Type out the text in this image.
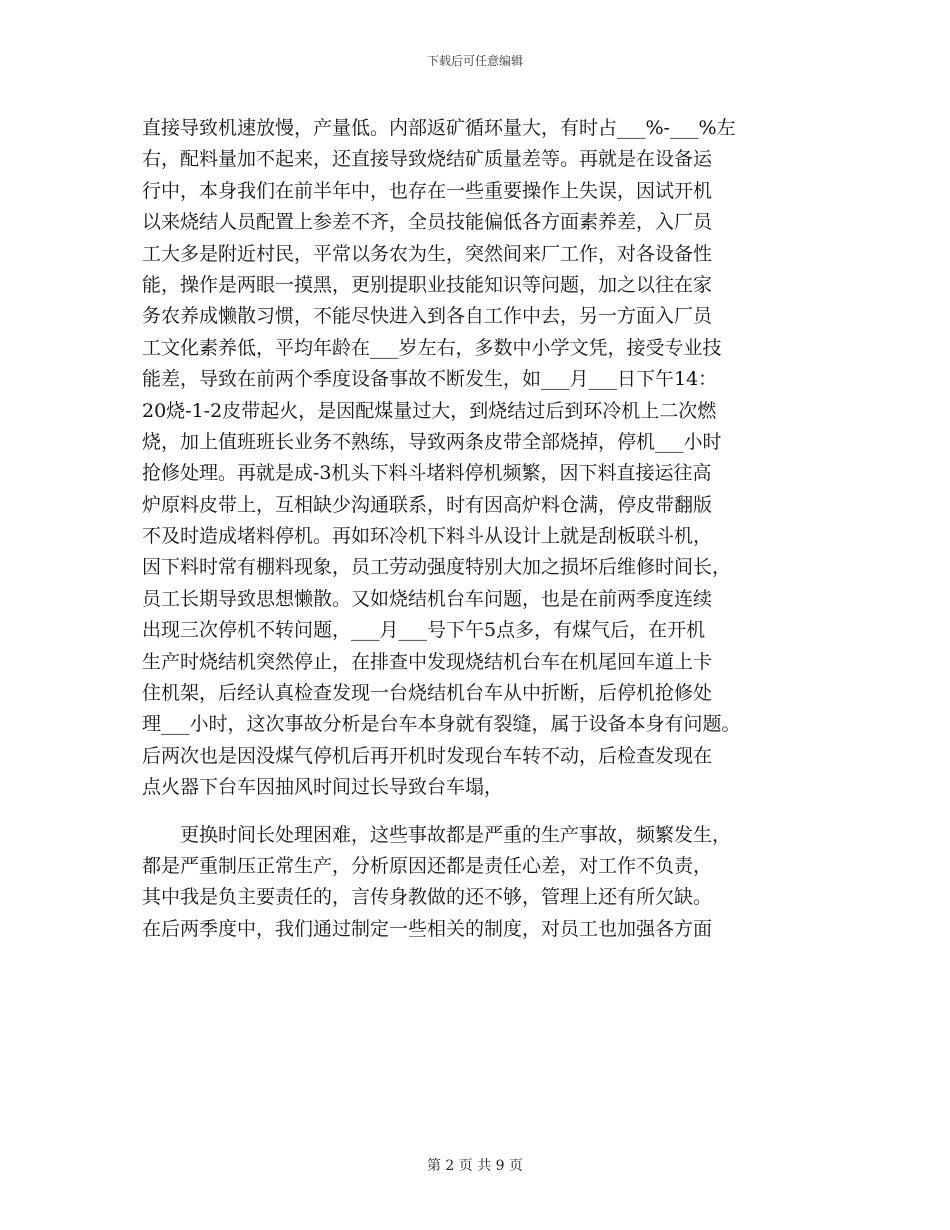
下载后可任意编辑
直接导致机速放慢，产量低。内部返矿循环量大，有时占___%-___%左
右，配料量加不起来，还直接导致烧结矿质量差等。再就是在设备运
行中，本身我们在前半年中，也存在一些重要操作上失误，因试开机
以来烧结人员配置上参差不齐，全员技能偏低各方面素养差，入厂员
工大多是附近村民，平常以务农为生，突然间来厂工作，对各设备性
能，操作是两眼一摸黑，更别提职业技能知识等问题，加之以往在家
务农养成懒散习惯，不能尽快进入到各自工作中去，另一方面入厂员
工文化素养低，平均年龄在___岁左右，多数中小学文凭，接受专业技
能差，导致在前两个季度设备事故不断发生，如___月___日下午14：
20烧-1-2皮带起火，是因配煤量过大，到烧结过后到环冷机上二次燃
烧，加上值班班长业务不熟练，导致两条皮带全部烧掉，停机___小时
抢修处理。再就是成-3机头下料斗堵料停机频繁，因下料直接运往高
炉原料皮带上，互相缺少沟通联系，时有因高炉料仓满，停皮带翻版
不及时造成堵料停机。再如环冷机下料斗从设计上就是刮板联斗机，
因下料时常有棚料现象，员工劳动强度特别大加之损坏后维修时间长，
员工长期导致思想懒散。又如烧结机台车问题，也是在前两季度连续
出现三次停机不转问题，___月___号下午5点多，有煤气后，在开机
生产时烧结机突然停止，在排查中发现烧结机台车在机尾回车道上卡
住机架，后经认真检查发现一台烧结机台车从中折断，后停机抢修处
理___小时，这次事故分析是台车本身就有裂缝，属于设备本身有问题。
后两次也是因没煤气停机后再开机时发现台车转不动，后检查发现在
点火器下台车因抽风时间过长导致台车塌，
　　更换时间长处理困难，这些事故都是严重的生产事故，频繁发生，
都是严重制压正常生产，分析原因还都是责任心差，对工作不负责，
其中我是负主要责任的，言传身教做的还不够，管理上还有所欠缺。
在后两季度中，我们通过制定一些相关的制度，对员工也加强各方面
第 2 页 共 9 页
